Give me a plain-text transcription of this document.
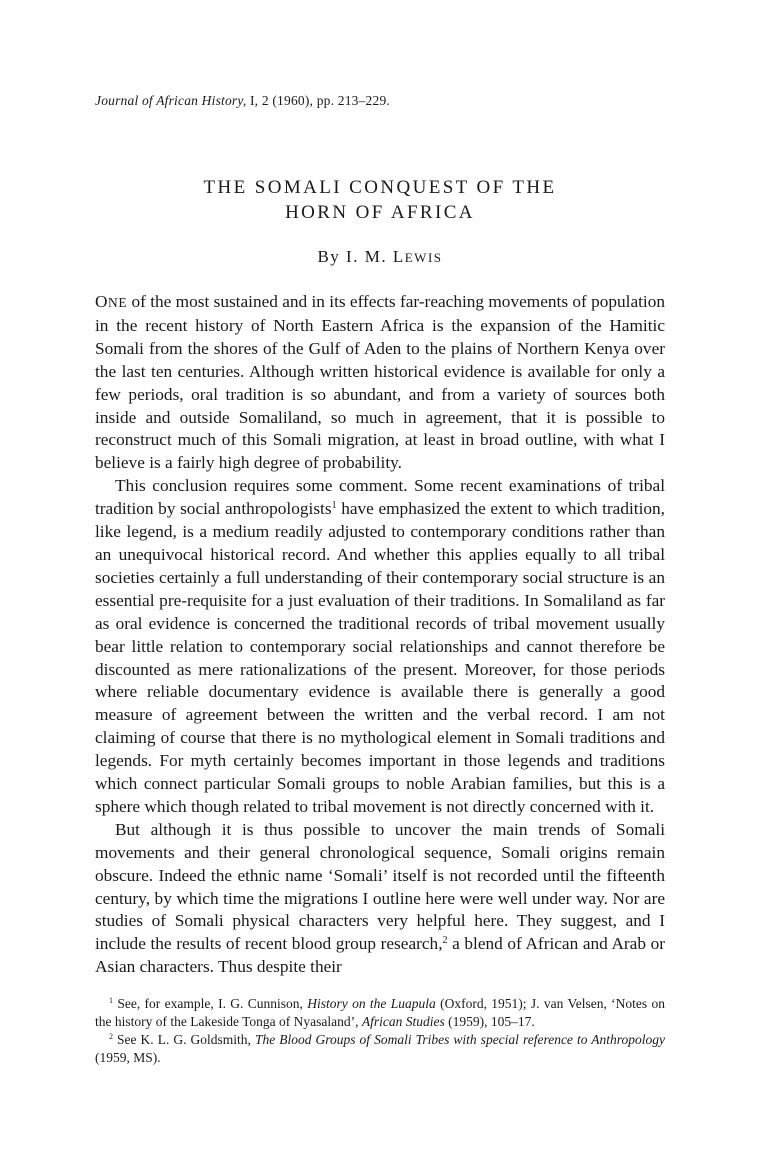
Journal of African History, I, 2 (1960), pp. 213–229.
THE SOMALI CONQUEST OF THE
HORN OF AFRICA
By I. M. LEWIS

ONE of the most sustained and in its effects far-reaching movements of population in the recent history of North Eastern Africa is the expansion of the Hamitic Somali from the shores of the Gulf of Aden to the plains of Northern Kenya over the last ten centuries. Although written historical evidence is available for only a few periods, oral tradition is so abundant, and from a variety of sources both inside and outside Somaliland, so much in agreement, that it is possible to reconstruct much of this Somali migration, at least in broad outline, with what I believe is a fairly high degree of probability.

This conclusion requires some comment. Some recent examinations of tribal tradition by social anthropologists$^1$ have emphasized the extent to which tradition, like legend, is a medium readily adjusted to contemporary conditions rather than an unequivocal historical record. And whether this applies equally to all tribal societies certainly a full understanding of their contemporary social structure is an essential pre-requisite for a just evaluation of their traditions. In Somaliland as far as oral evidence is concerned the traditional records of tribal movement usually bear little relation to contemporary social relationships and cannot therefore be discounted as mere rationalizations of the present. Moreover, for those periods where reliable documentary evidence is available there is generally a good measure of agreement between the written and the verbal record. I am not claiming of course that there is no mythological element in Somali traditions and legends. For myth certainly becomes important in those legends and traditions which connect particular Somali groups to noble Arabian families, but this is a sphere which though related to tribal movement is not directly concerned with it.

But although it is thus possible to uncover the main trends of Somali movements and their general chronological sequence, Somali origins remain obscure. Indeed the ethnic name ‘Somali’ itself is not recorded until the fifteenth century, by which time the migrations I outline here were well under way. Nor are studies of Somali physical characters very helpful here. They suggest, and I include the results of recent blood group research,$^2$ a blend of African and Arab or Asian characters. Thus despite their

$^1$ See, for example, I. G. Cunnison, History on the Luapula (Oxford, 1951); J. van Velsen, ‘Notes on the history of the Lakeside Tonga of Nyasaland’, African Studies (1959), 105–17.

$^2$ See K. L. G. Goldsmith, The Blood Groups of Somali Tribes with special reference to Anthropology (1959, MS).
